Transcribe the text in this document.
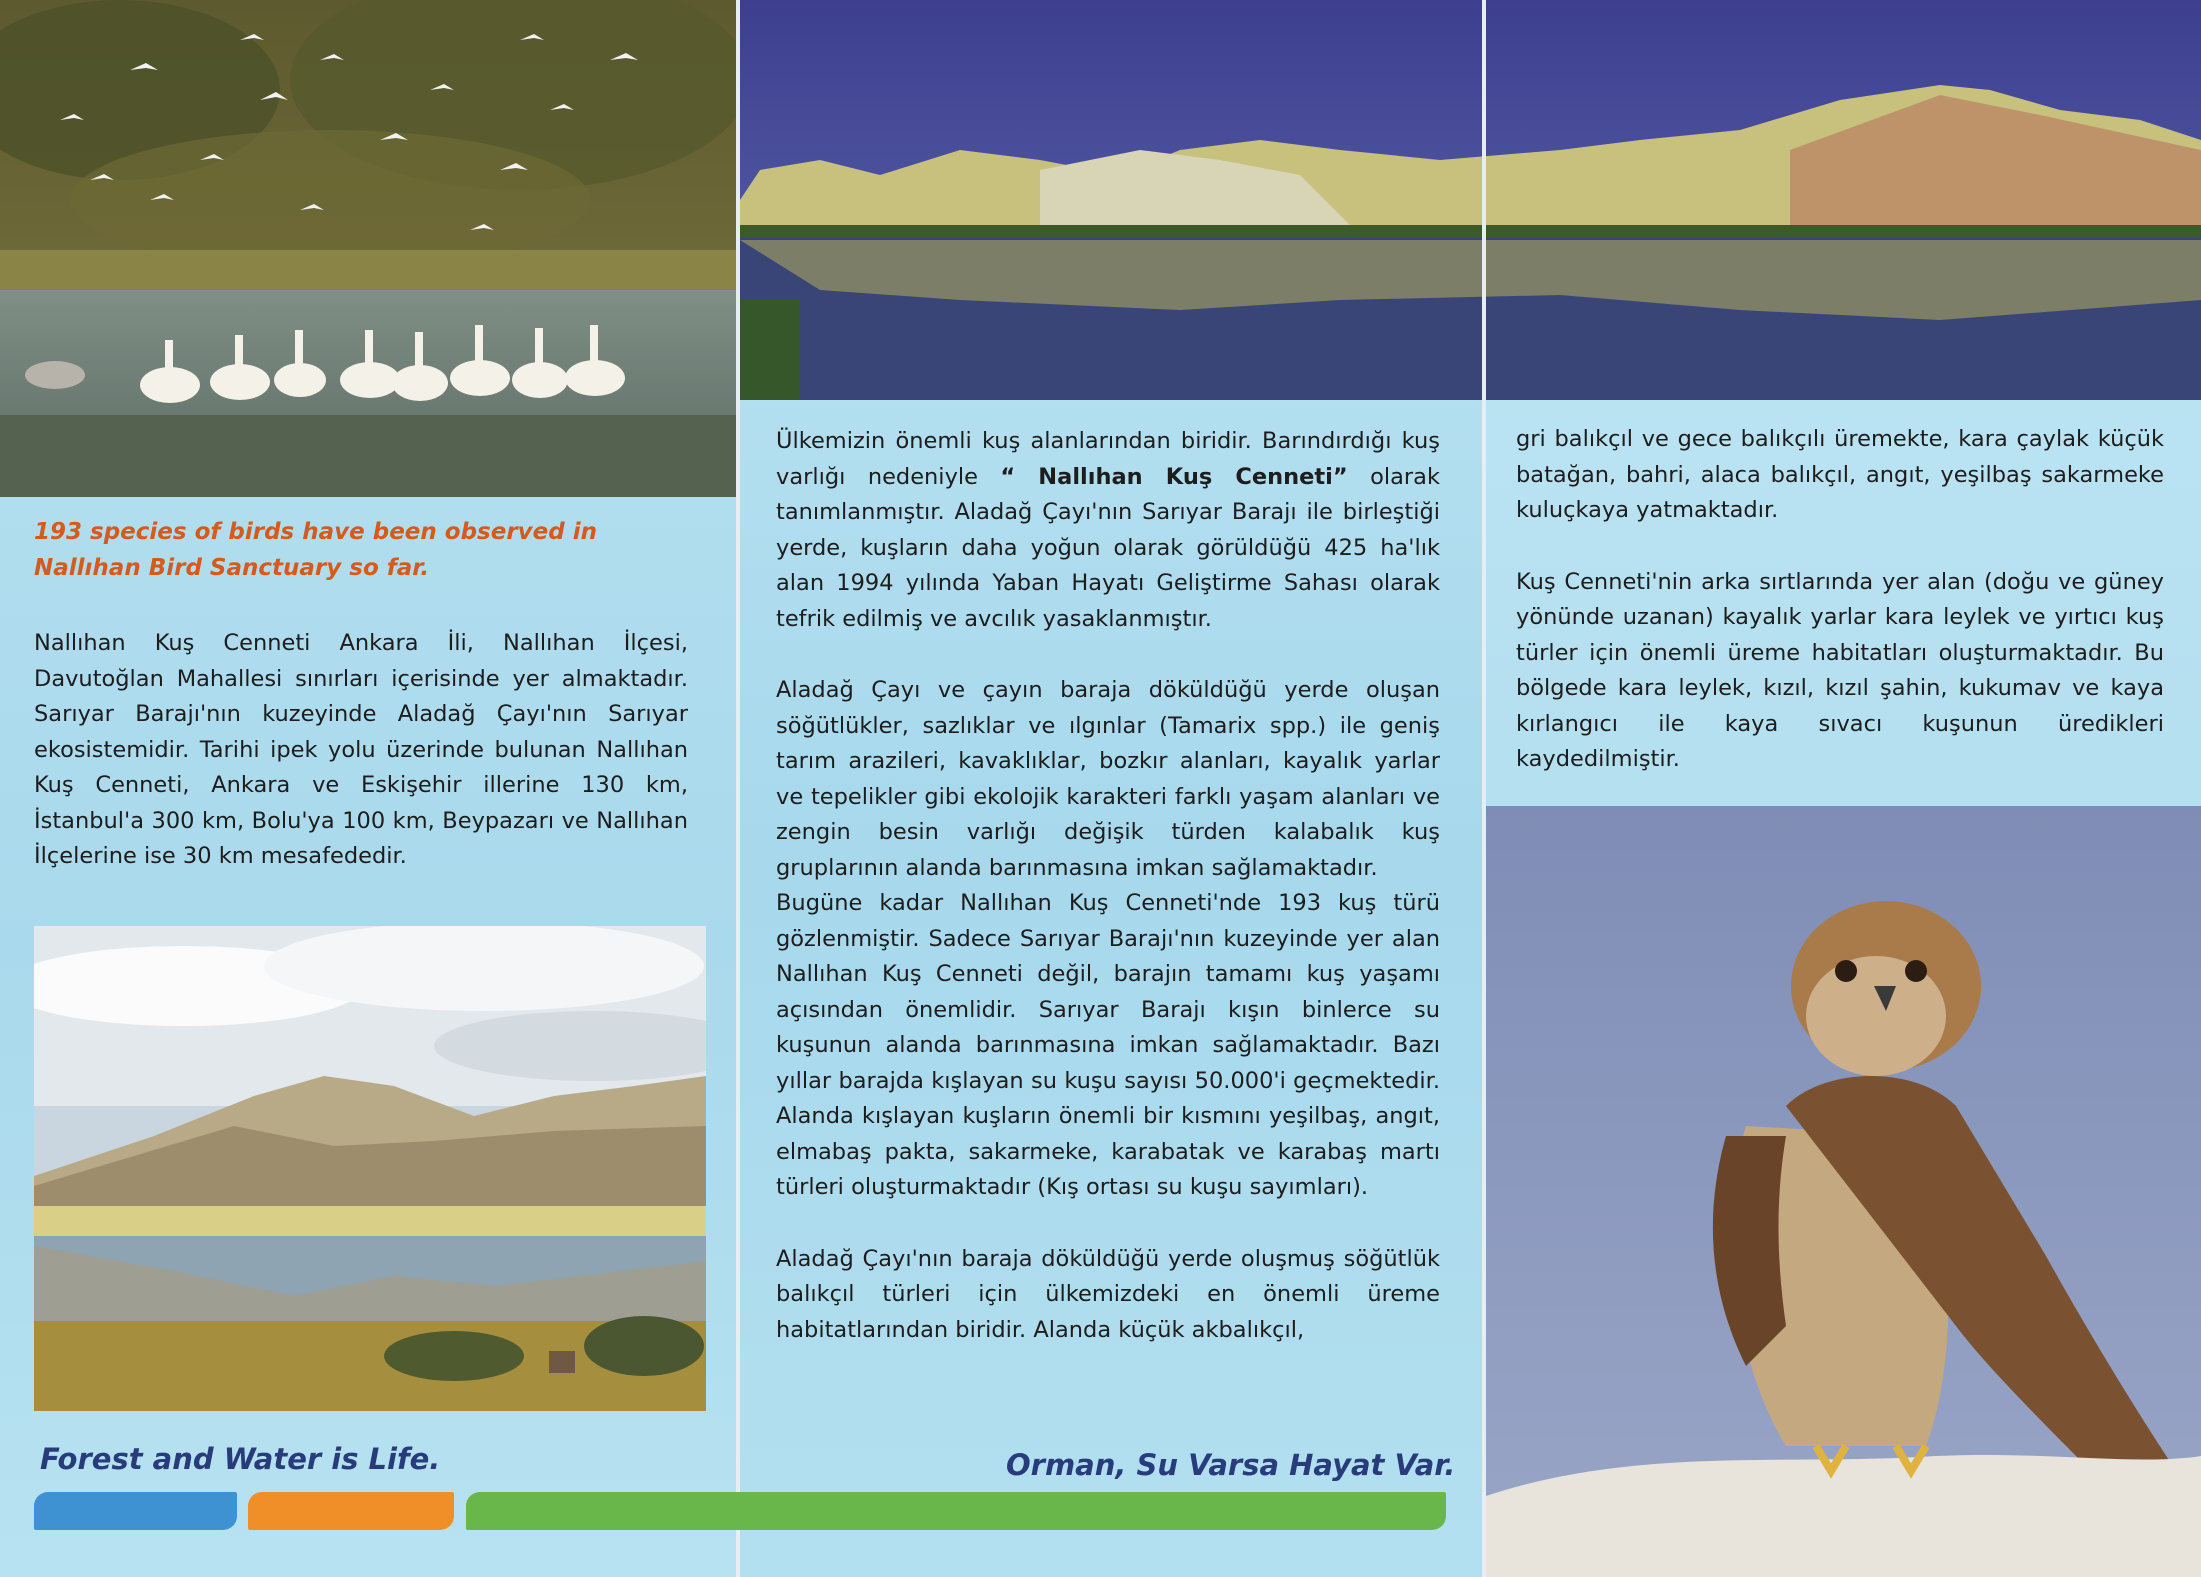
193 species of birds have been observed in Nallıhan Bird Sanctuary so far.

Nallıhan Kuş Cenneti Ankara İli, Nallıhan İlçesi, Davutoğlan Mahallesi sınırları içerisinde yer almaktadır. Sarıyar Barajı'nın kuzeyinde Aladağ Çayı'nın Sarıyar ekosistemidir. Tarihi ipek yolu üzerinde bulunan Nallıhan Kuş Cenneti, Ankara ve Eskişehir illerine 130 km, İstanbul'a 300 km, Bolu'ya 100 km, Beypazarı ve Nallıhan İlçelerine ise 30 km mesafededir.

Forest and Water is Life.

Ülkemizin önemli kuş alanlarından biridir. Barındırdığı kuş varlığı nedeniyle “ Nallıhan Kuş Cenneti” olarak tanımlanmıştır. Aladağ Çayı'nın Sarıyar Barajı ile birleştiği yerde, kuşların daha yoğun olarak görüldüğü 425 ha'lık alan 1994 yılında Yaban Hayatı Geliştirme Sahası olarak tefrik edilmiş ve avcılık yasaklanmıştır.

Aladağ Çayı ve çayın baraja döküldüğü yerde oluşan söğütlükler, sazlıklar ve ılgınlar (Tamarix spp.) ile geniş tarım arazileri, kavaklıklar, bozkır alanları, kayalık yarlar ve tepelikler gibi ekolojik karakteri farklı yaşam alanları ve zengin besin varlığı değişik türden kalabalık kuş gruplarının alanda barınmasına imkan sağlamaktadır.

Bugüne kadar Nallıhan Kuş Cenneti'nde 193 kuş türü gözlenmiştir. Sadece Sarıyar Barajı'nın kuzeyinde yer alan Nallıhan Kuş Cenneti değil, barajın tamamı kuş yaşamı açısından önemlidir. Sarıyar Barajı kışın binlerce su kuşunun alanda barınmasına imkan sağlamaktadır. Bazı yıllar barajda kışlayan su kuşu sayısı 50.000'i geçmektedir. Alanda kışlayan kuşların önemli bir kısmını yeşilbaş, angıt, elmabaş pakta, sakarmeke, karabatak ve karabaş martı türleri oluşturmaktadır (Kış ortası su kuşu sayımları).

Aladağ Çayı'nın baraja döküldüğü yerde oluşmuş söğütlük balıkçıl türleri için ülkemizdeki en önemli üreme habitatlarından biridir. Alanda küçük akbalıkçıl,

Orman, Su Varsa Hayat Var.

gri balıkçıl ve gece balıkçılı üremekte, kara çaylak küçük batağan, bahri, alaca balıkçıl, angıt, yeşilbaş sakarmeke kuluçkaya yatmaktadır.

Kuş Cenneti'nin arka sırtlarında yer alan (doğu ve güney yönünde uzanan) kayalık yarlar kara leylek ve yırtıcı kuş türler için önemli üreme habitatları oluşturmaktadır. Bu bölgede kara leylek, kızıl, kızıl şahin, kukumav ve kaya kırlangıcı ile kaya sıvacı kuşunun üredikleri kaydedilmiştir.
